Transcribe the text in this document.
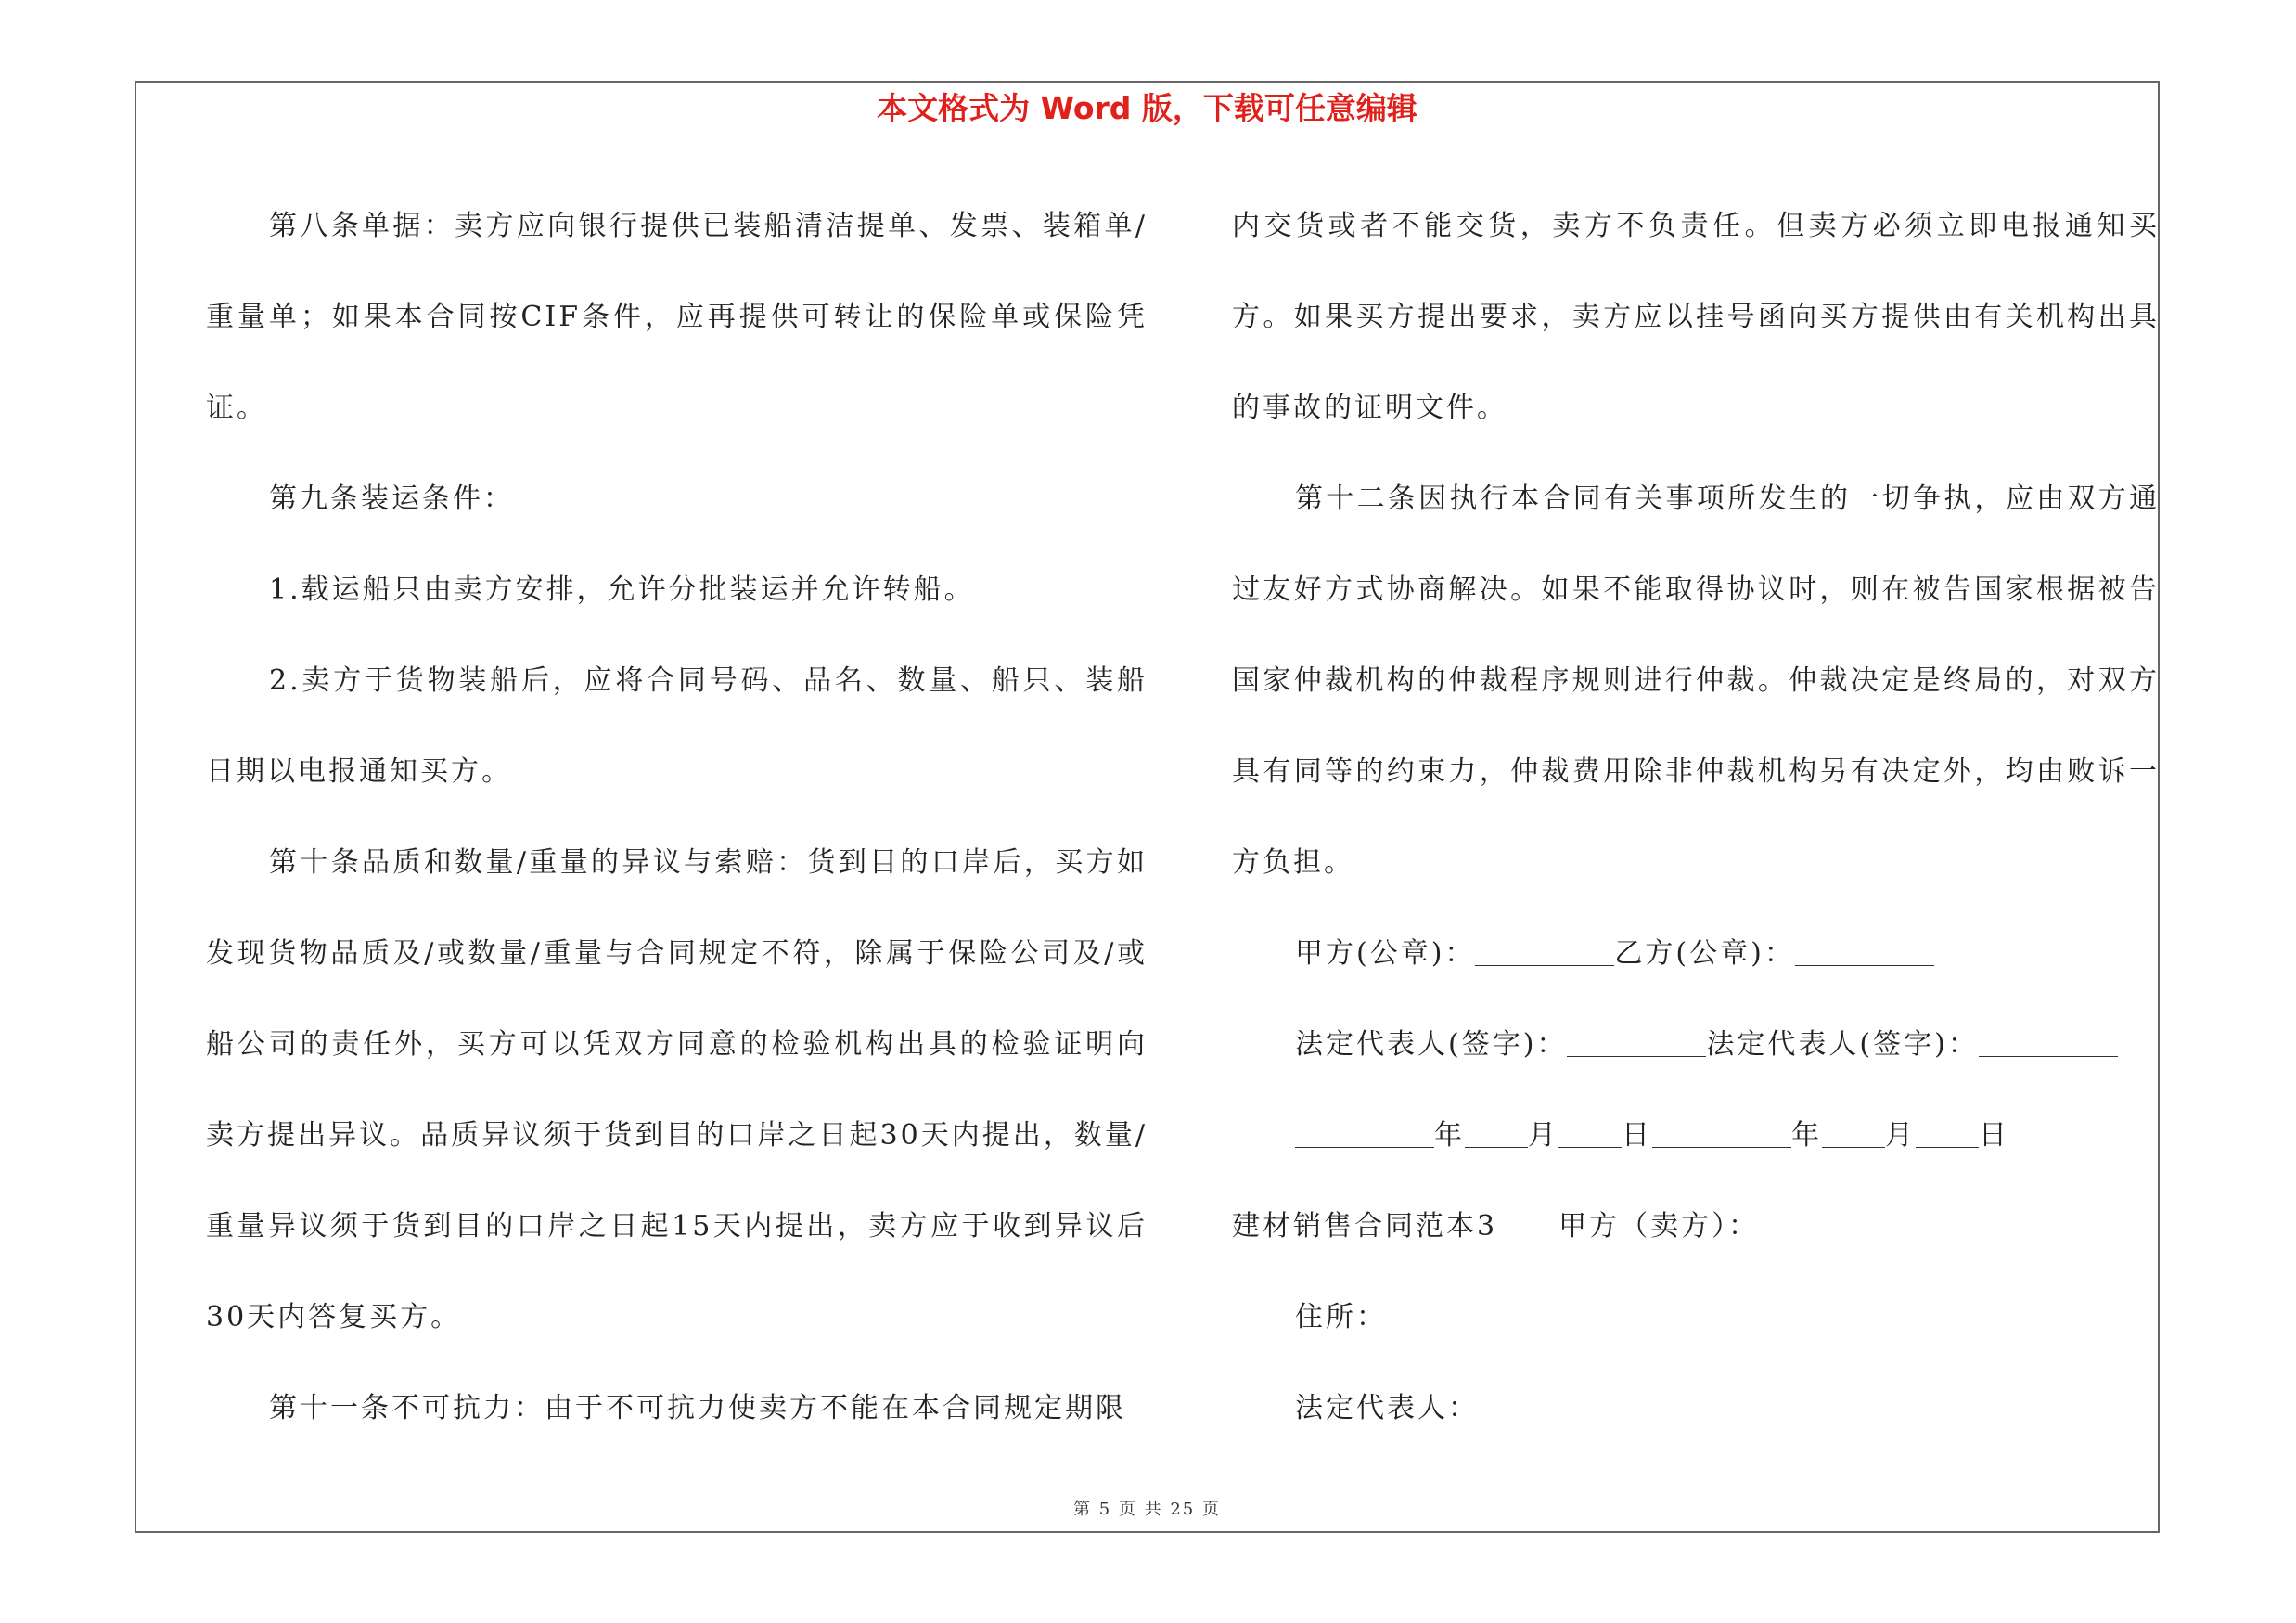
本文格式为 Word 版，下载可任意编辑

第八条单据：卖方应向银行提供已装船清洁提单、发票、装箱单/重量单；如果本合同按CIF条件，应再提供可转让的保险单或保险凭证。

第九条装运条件：

1.载运船只由卖方安排，允许分批装运并允许转船。

2.卖方于货物装船后，应将合同号码、品名、数量、船只、装船日期以电报通知买方。

第十条品质和数量/重量的异议与索赔：货到目的口岸后，买方如发现货物品质及/或数量/重量与合同规定不符，除属于保险公司及/或船公司的责任外，买方可以凭双方同意的检验机构出具的检验证明向卖方提出异议。品质异议须于货到目的口岸之日起30天内提出，数量/重量异议须于货到目的口岸之日起15天内提出，卖方应于收到异议后30天内答复买方。

第十一条不可抗力：由于不可抗力使卖方不能在本合同规定期限

内交货或者不能交货，卖方不负责任。但卖方必须立即电报通知买方。如果买方提出要求，卖方应以挂号函向买方提供由有关机构出具的事故的证明文件。

第十二条因执行本合同有关事项所发生的一切争执，应由双方通过友好方式协商解决。如果不能取得协议时，则在被告国家根据被告国家仲裁机构的仲裁程序规则进行仲裁。仲裁决定是终局的，对双方具有同等的约束力，仲裁费用除非仲裁机构另有决定外，均由败诉一方负担。

甲方(公章)：	乙方(公章)：

法定代表人(签字)：	法定代表人(签字)：

年 月 日	年 月 日

建材销售合同范本3 甲方（卖方）：

住所：

法定代表人：

第 5 页 共 25 页
